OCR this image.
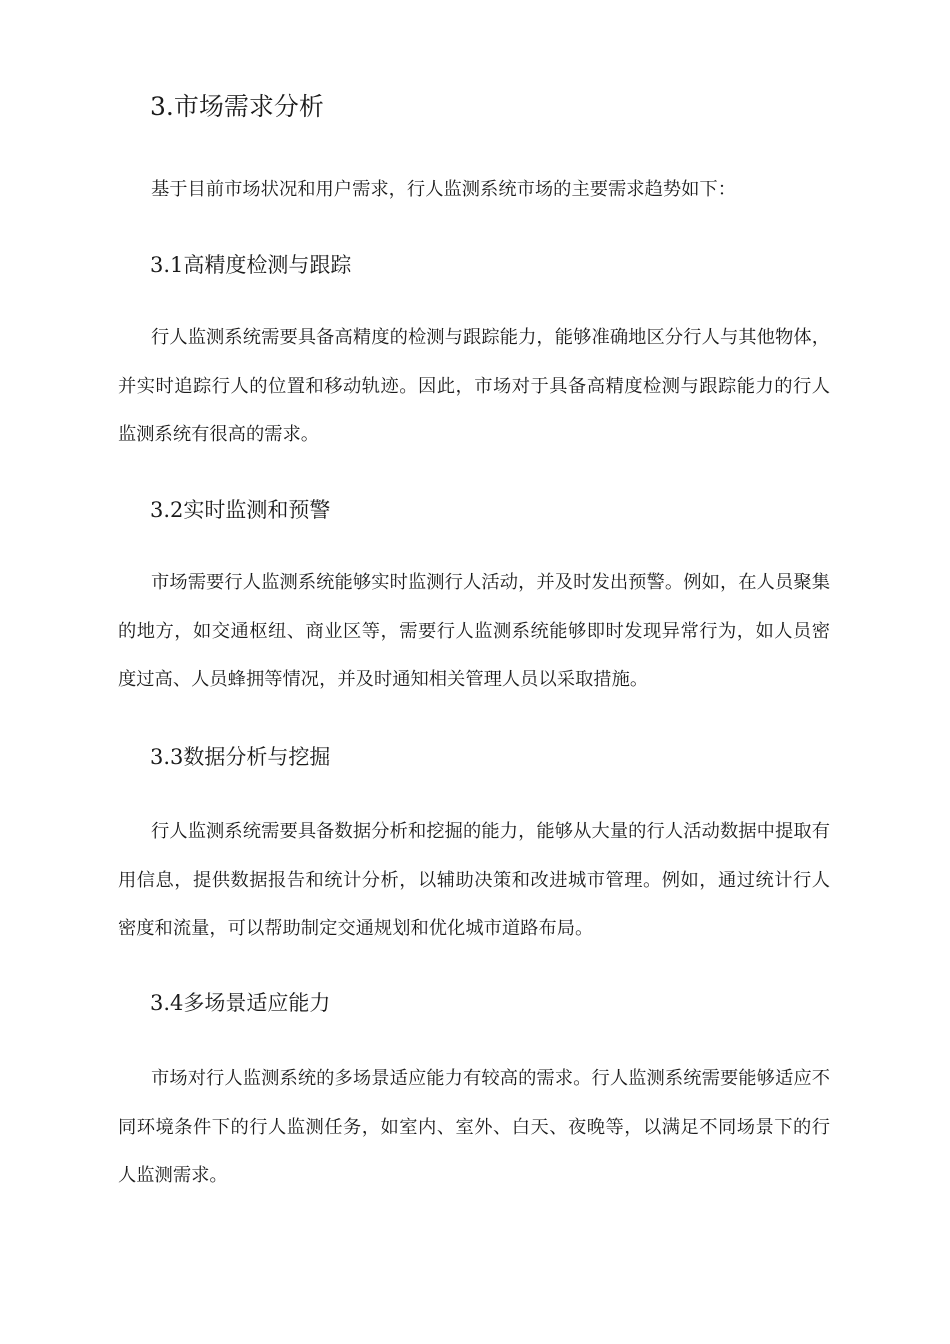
3.市场需求分析

基于目前市场状况和用户需求，行人监测系统市场的主要需求趋势如下：

3.1高精度检测与跟踪

行人监测系统需要具备高精度的检测与跟踪能力，能够准确地区分行人与其他物体，并实时追踪行人的位置和移动轨迹。因此，市场对于具备高精度检测与跟踪能力的行人监测系统有很高的需求。

3.2实时监测和预警

市场需要行人监测系统能够实时监测行人活动，并及时发出预警。例如，在人员聚集的地方，如交通枢纽、商业区等，需要行人监测系统能够即时发现异常行为，如人员密度过高、人员蜂拥等情况，并及时通知相关管理人员以采取措施。

3.3数据分析与挖掘

行人监测系统需要具备数据分析和挖掘的能力，能够从大量的行人活动数据中提取有用信息，提供数据报告和统计分析，以辅助决策和改进城市管理。例如，通过统计行人密度和流量，可以帮助制定交通规划和优化城市道路布局。

3.4多场景适应能力

市场对行人监测系统的多场景适应能力有较高的需求。行人监测系统需要能够适应不同环境条件下的行人监测任务，如室内、室外、白天、夜晚等，以满足不同场景下的行人监测需求。
